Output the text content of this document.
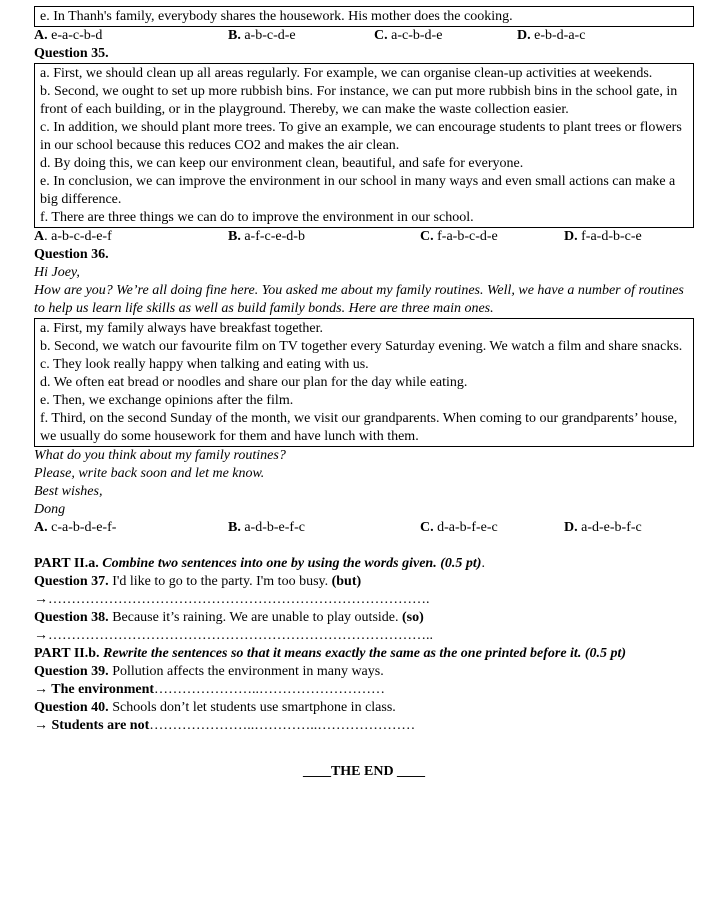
e. In Thanh's family, everybody shares the housework. His mother does the cooking.
A. e-a-c-b-d	B. a-b-c-d-e	C. a-c-b-d-e	D. e-b-d-a-c
Question 35.
a. First, we should clean up all areas regularly. For example, we can organise clean-up activities at weekends.
b. Second, we ought to set up more rubbish bins. For instance, we can put more rubbish bins in the school gate, in front of each building, or in the playground. Thereby, we can make the waste collection easier.
c. In addition, we should plant more trees. To give an example, we can encourage students to plant trees or flowers in our school because this reduces CO2 and makes the air clean.
d. By doing this, we can keep our environment clean, beautiful, and safe for everyone.
e. In conclusion, we can improve the environment in our school in many ways and even small actions can make a big difference.
f. There are three things we can do to improve the environment in our school.
A. a-b-c-d-e-f	B. a-f-c-e-d-b	C. f-a-b-c-d-e	D. f-a-d-b-c-e
Question 36.
Hi Joey,
How are you? We’re all doing fine here. You asked me about my family routines. Well, we have a number of routines to help us learn life skills as well as build family bonds. Here are three main ones.
a. First, my family always have breakfast together.
b. Second, we watch our favourite film on TV together every Saturday evening. We watch a film and share snacks.
c. They look really happy when talking and eating with us.
d. We often eat bread or noodles and share our plan for the day while eating.
e. Then, we exchange opinions after the film.
f. Third, on the second Sunday of the month, we visit our grandparents. When coming to our grandparents’ house, we usually do some housework for them and have lunch with them.
What do you think about my family routines?
Please, write back soon and let me know.
Best wishes,
Dong
A. c-a-b-d-e-f-	B. a-d-b-e-f-c	C. d-a-b-f-e-c	D. a-d-e-b-f-c
PART II.a. Combine two sentences into one by using the words given. (0.5 pt).
Question 37. I'd like to go to the party. I'm too busy. (but)
→……………………………………………………………………….
Question 38. Because it’s raining. We are unable to play outside. (so)
→………………………………………………………………………..
PART II.b. Rewrite the sentences so that it means exactly the same as the one printed before it. (0.5 pt)
Question 39. Pollution affects the environment in many ways.
→ The environment…………………..………………………
Question 40. Schools don’t let students use smartphone in class.
→ Students are not…………………..…………..…………………
____THE END ____
